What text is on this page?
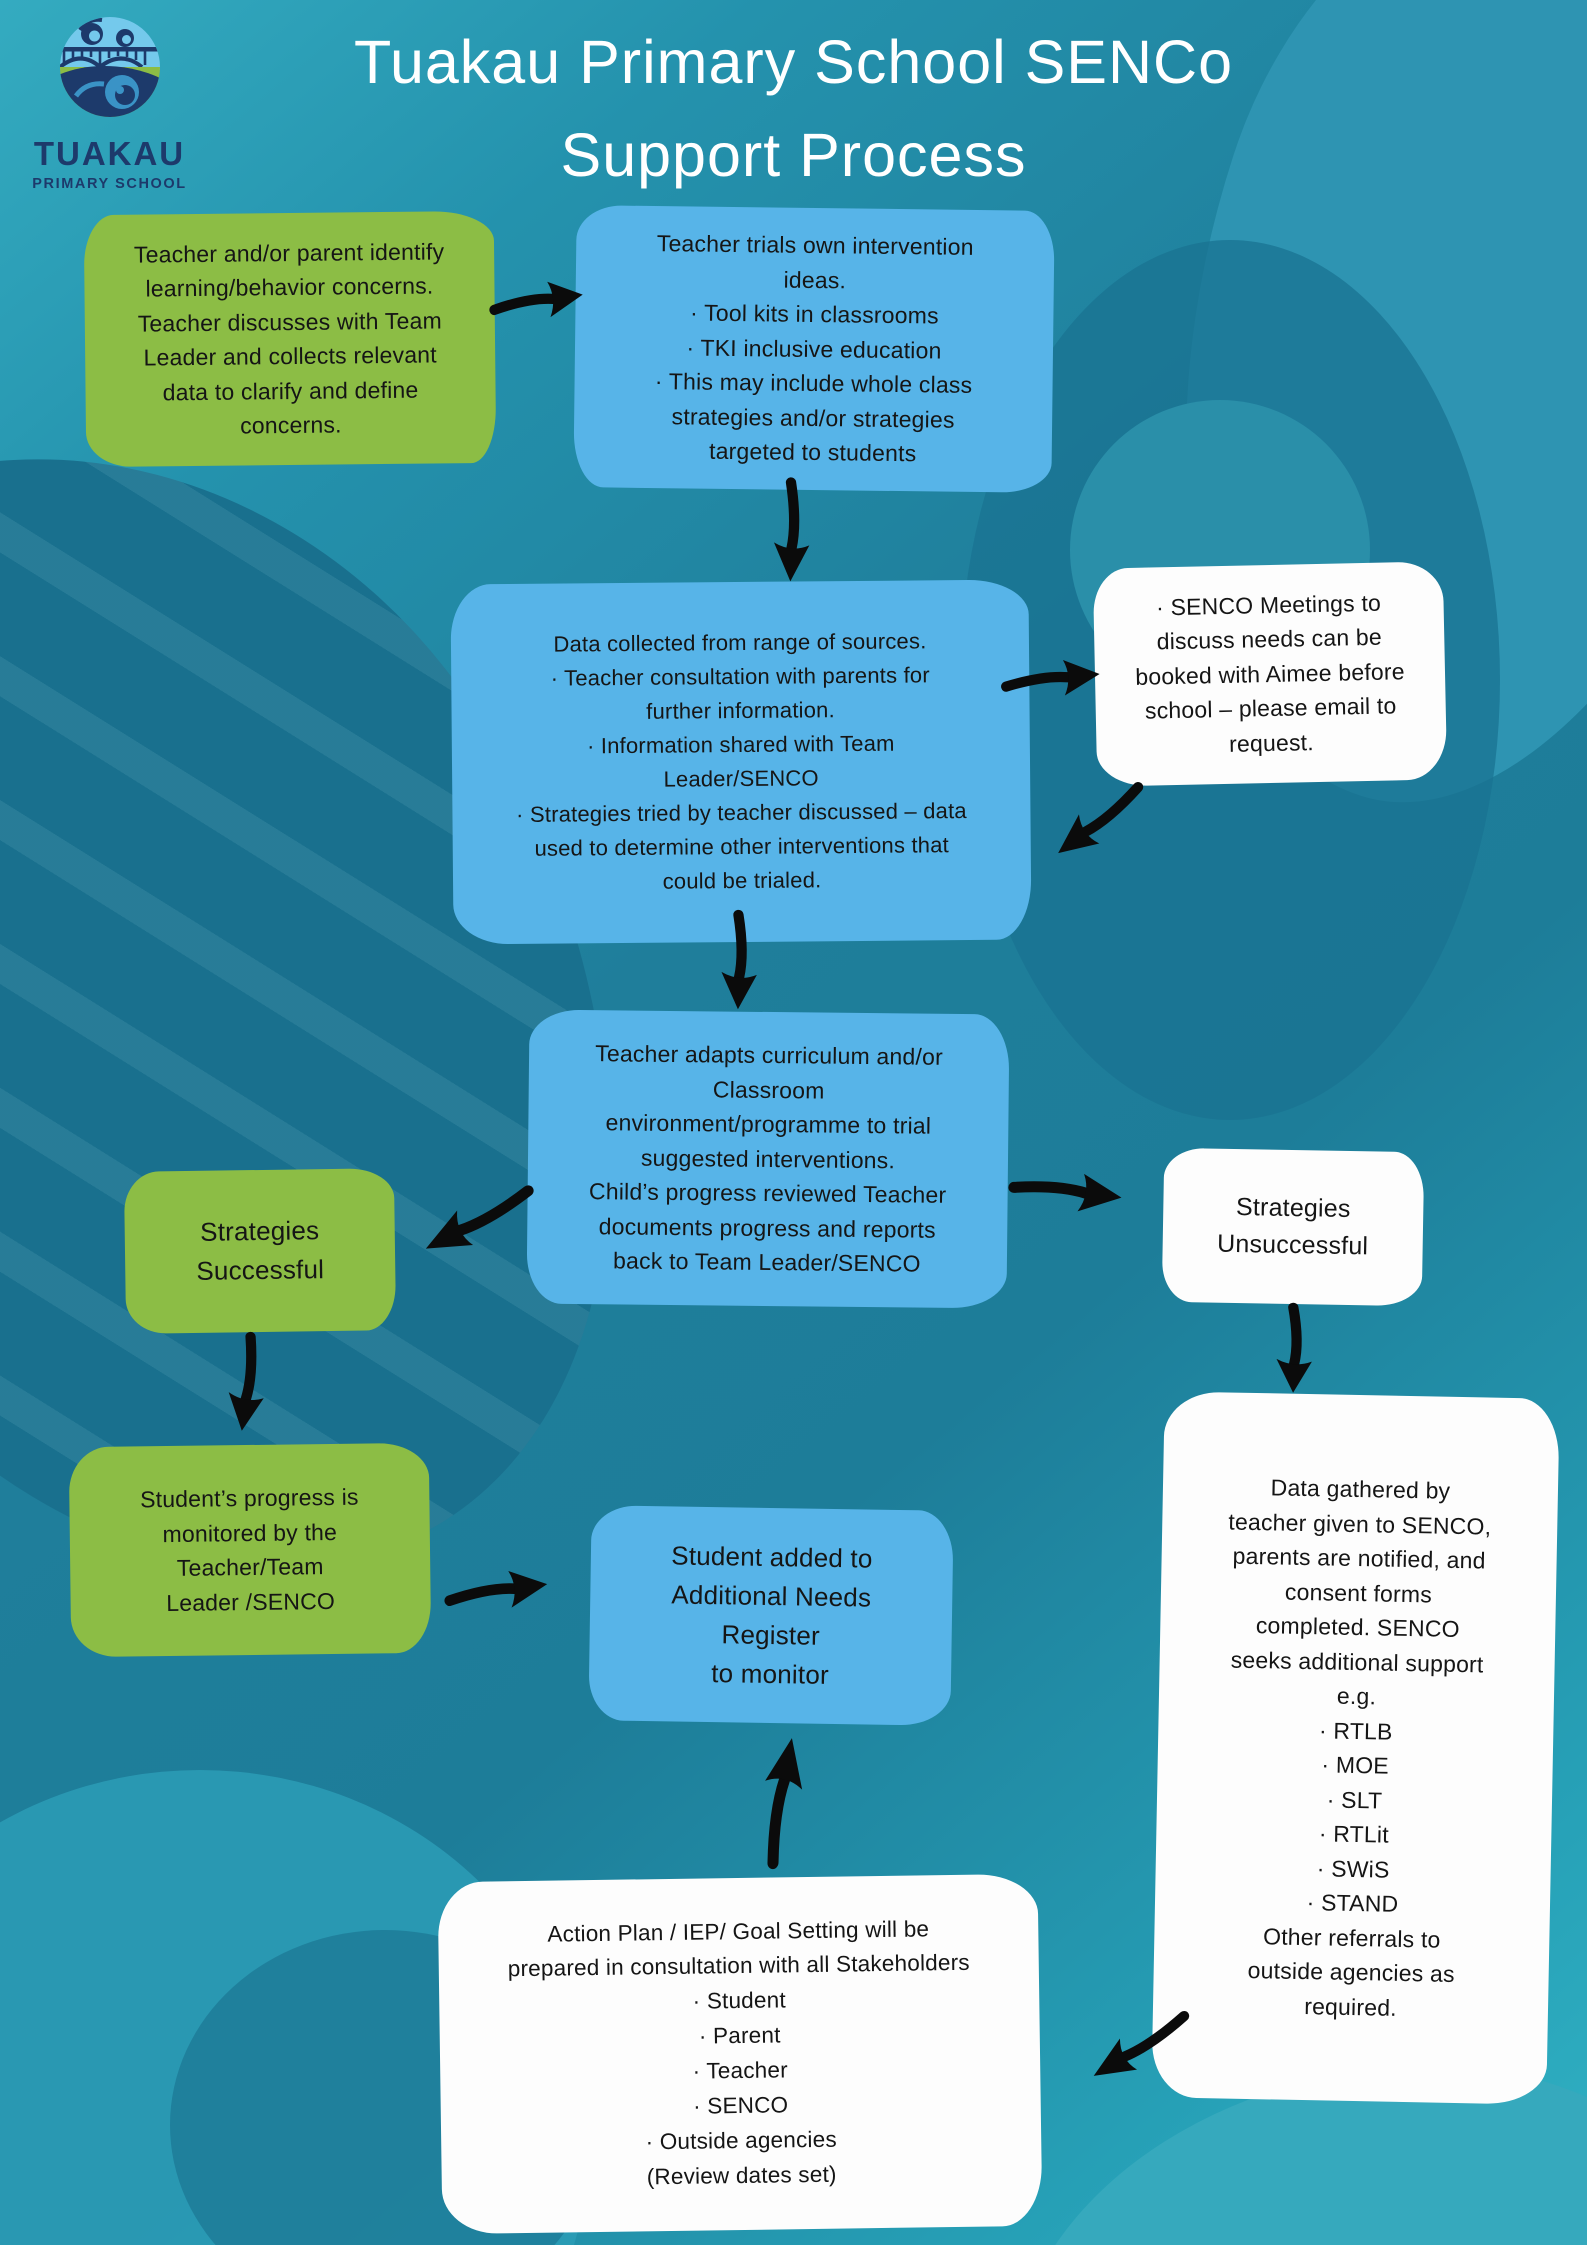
TUAKAU
PRIMARY SCHOOL
Tuakau Primary School SENCo
Support Process
Teacher and/or parent identify
learning/behavior concerns.
Teacher discusses with Team
Leader and collects relevant
data to clarify and define
concerns.
Teacher trials own intervention
ideas.
· Tool kits in classrooms
· TKI inclusive education
· This may include whole class
strategies and/or strategies
targeted to students
Data collected from range of sources.
· Teacher consultation with parents for
further information.
· Information shared with Team
Leader/SENCO
· Strategies tried by teacher discussed – data
used to determine other interventions that
could be trialed.
· SENCO Meetings to
discuss needs can be
booked with Aimee before
school – please email to
request.
Teacher adapts curriculum and/or
Classroom
environment/programme to trial
suggested interventions.
Child’s progress reviewed Teacher
documents progress and reports
back to Team Leader/SENCO
Strategies
Successful
Strategies
Unsuccessful
Student’s progress is
monitored by the
Teacher/Team
Leader /SENCO
Student added to
Additional Needs
Register
to monitor
Data gathered by
teacher given to SENCO,
parents are notified, and
consent forms
completed. SENCO
seeks additional support
e.g.
· RTLB
· MOE
· SLT
· RTLit
· SWiS
· STAND
Other referrals to
outside agencies as
required.
Action Plan / IEP/ Goal Setting will be
prepared in consultation with all Stakeholders
· Student
· Parent
· Teacher
· SENCO
· Outside agencies
(Review dates set)
